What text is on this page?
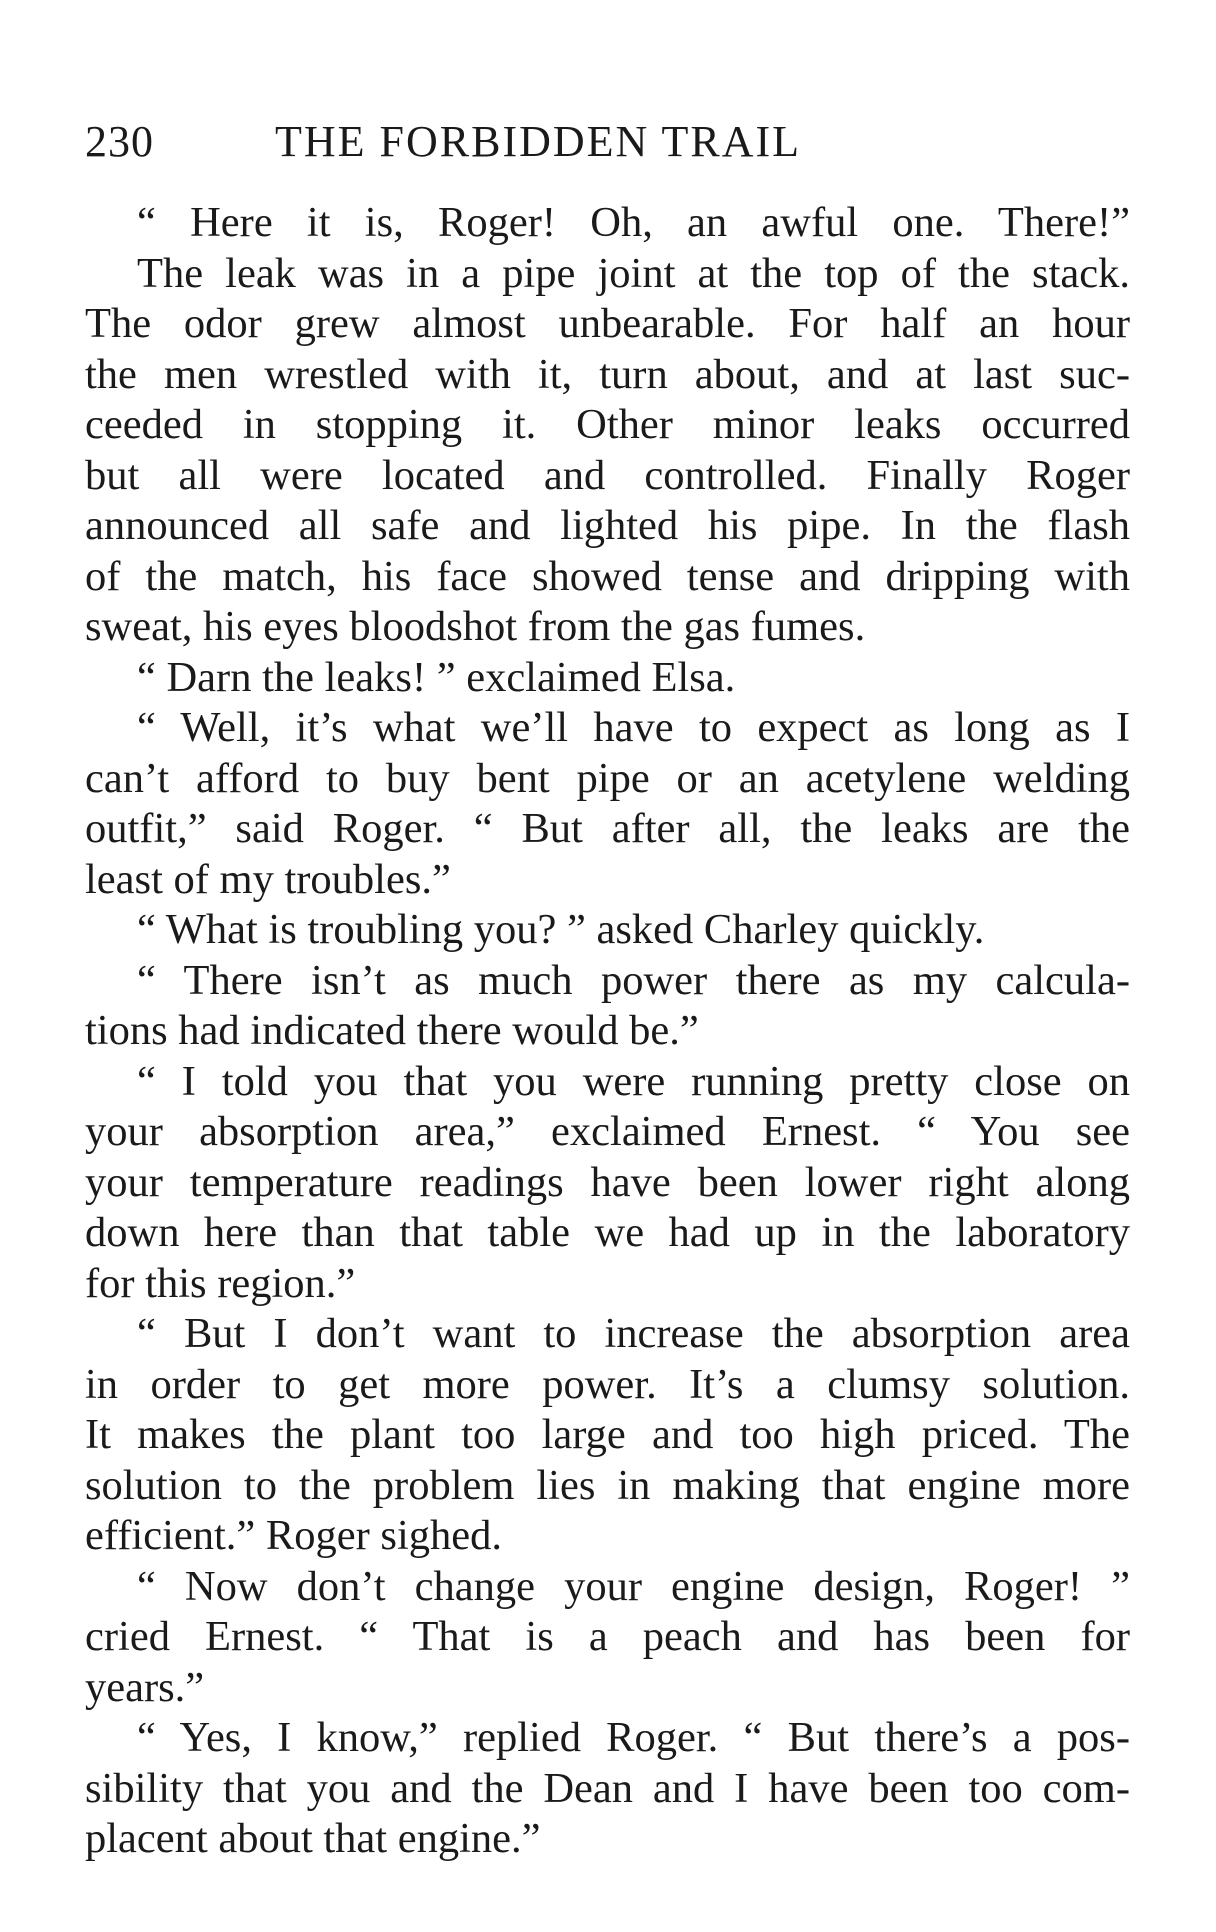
230	THE FORBIDDEN TRAIL
“ Here it is, Roger! Oh, an awful one. There!”
The leak was in a pipe joint at the top of the stack.
The odor grew almost unbearable. For half an hour
the men wrestled with it, turn about, and at last suc-
ceeded in stopping it. Other minor leaks occurred
but all were located and controlled. Finally Roger
announced all safe and lighted his pipe. In the flash
of the match, his face showed tense and dripping with
sweat, his eyes bloodshot from the gas fumes.
“ Darn the leaks! ” exclaimed Elsa.
“ Well, it’s what we’ll have to expect as long as I
can’t afford to buy bent pipe or an acetylene welding
outfit,” said Roger. “ But after all, the leaks are the
least of my troubles.”
“ What is troubling you? ” asked Charley quickly.
“ There isn’t as much power there as my calcula-
tions had indicated there would be.”
“ I told you that you were running pretty close on
your absorption area,” exclaimed Ernest. “ You see
your temperature readings have been lower right along
down here than that table we had up in the laboratory
for this region.”
“ But I don’t want to increase the absorption area
in order to get more power. It’s a clumsy solution.
It makes the plant too large and too high priced. The
solution to the problem lies in making that engine more
efficient.” Roger sighed.
“ Now don’t change your engine design, Roger! ”
cried Ernest. “ That is a peach and has been for
years.”
“ Yes, I know,” replied Roger. “ But there’s a pos-
sibility that you and the Dean and I have been too com-
placent about that engine.”
